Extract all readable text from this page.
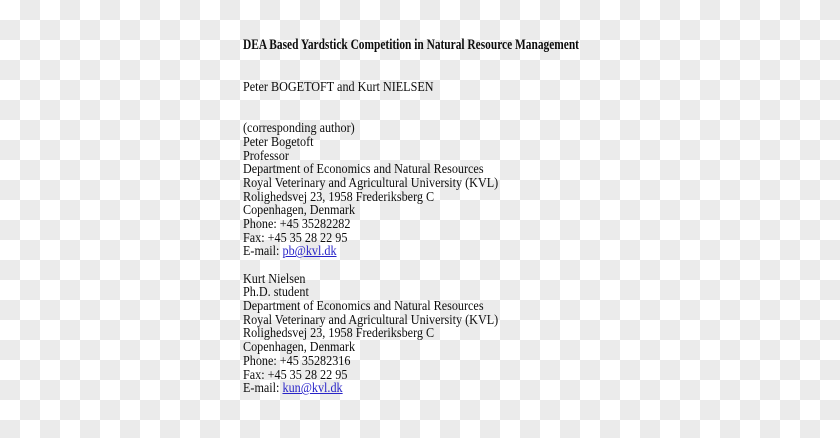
DEA Based Yardstick Competition in Natural Resource Management
Peter BOGETOFT and Kurt NIELSEN
(corresponding author)
Peter Bogetoft
Professor
Department of Economics and Natural Resources
Royal Veterinary and Agricultural University (KVL)
Rolighedsvej 23, 1958 Frederiksberg C
Copenhagen, Denmark
Phone: +45 35282282
Fax: +45 35 28 22 95
E-mail: pb@kvl.dk
Kurt Nielsen
Ph.D. student
Department of Economics and Natural Resources
Royal Veterinary and Agricultural University (KVL)
Rolighedsvej 23, 1958 Frederiksberg C
Copenhagen, Denmark
Phone: +45 35282316
Fax: +45 35 28 22 95
E-mail: kun@kvl.dk
